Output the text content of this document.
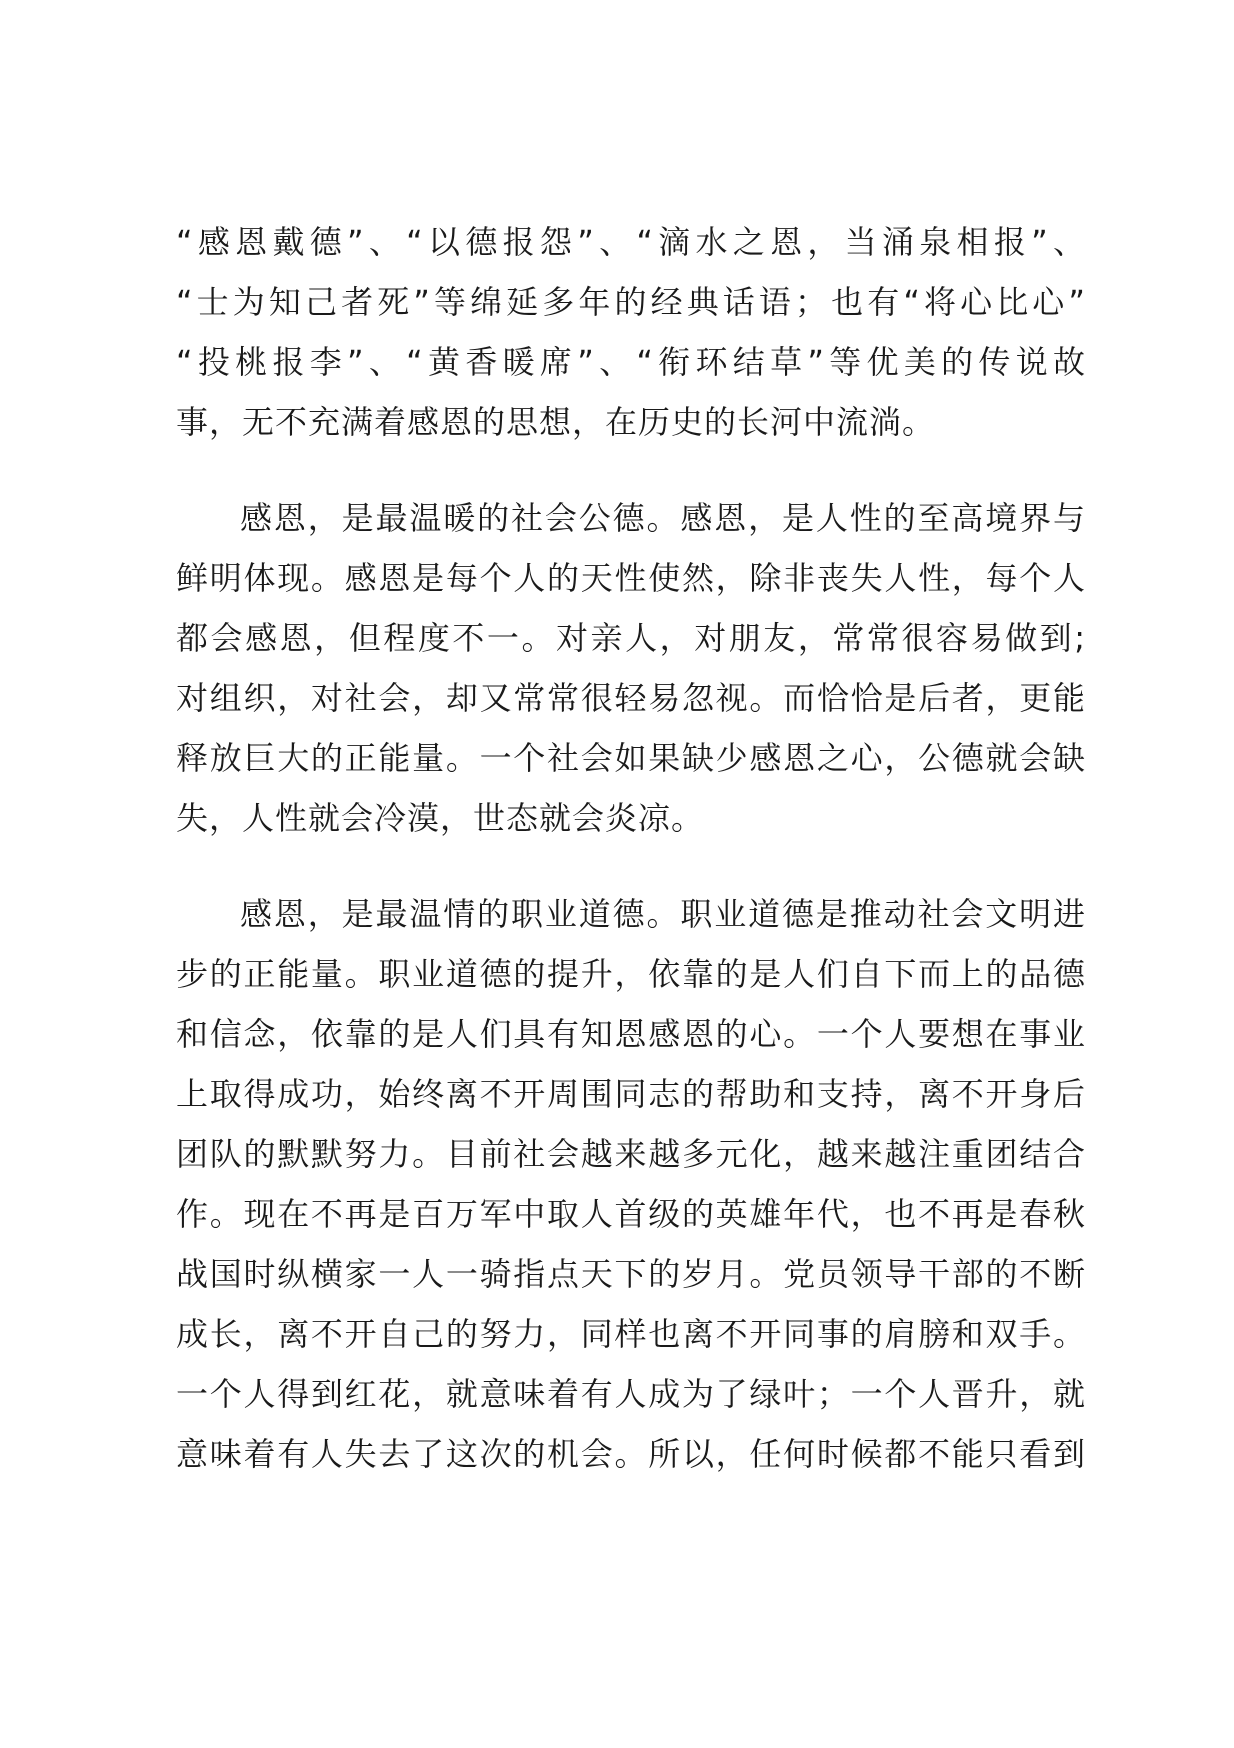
“感恩戴德”、“以德报怨”、“滴水之恩，当涌泉相报”、
“士为知己者死”等绵延多年的经典话语；也有“将心比心”
“投桃报李”、“黄香暖席”、“衔环结草”等优美的传说故
事，无不充满着感恩的思想，在历史的长河中流淌。
感恩，是最温暖的社会公德。感恩，是人性的至高境界与
鲜明体现。感恩是每个人的天性使然，除非丧失人性，每个人
都会感恩，但程度不一。对亲人，对朋友，常常很容易做到;
对组织，对社会，却又常常很轻易忽视。而恰恰是后者，更能
释放巨大的正能量。一个社会如果缺少感恩之心，公德就会缺
失，人性就会冷漠，世态就会炎凉。
感恩，是最温情的职业道德。职业道德是推动社会文明进
步的正能量。职业道德的提升，依靠的是人们自下而上的品德
和信念，依靠的是人们具有知恩感恩的心。一个人要想在事业
上取得成功，始终离不开周围同志的帮助和支持，离不开身后
团队的默默努力。目前社会越来越多元化，越来越注重团结合
作。现在不再是百万军中取人首级的英雄年代，也不再是春秋
战国时纵横家一人一骑指点天下的岁月。党员领导干部的不断
成长，离不开自己的努力，同样也离不开同事的肩膀和双手。
一个人得到红花，就意味着有人成为了绿叶；一个人晋升，就
意味着有人失去了这次的机会。所以，任何时候都不能只看到
